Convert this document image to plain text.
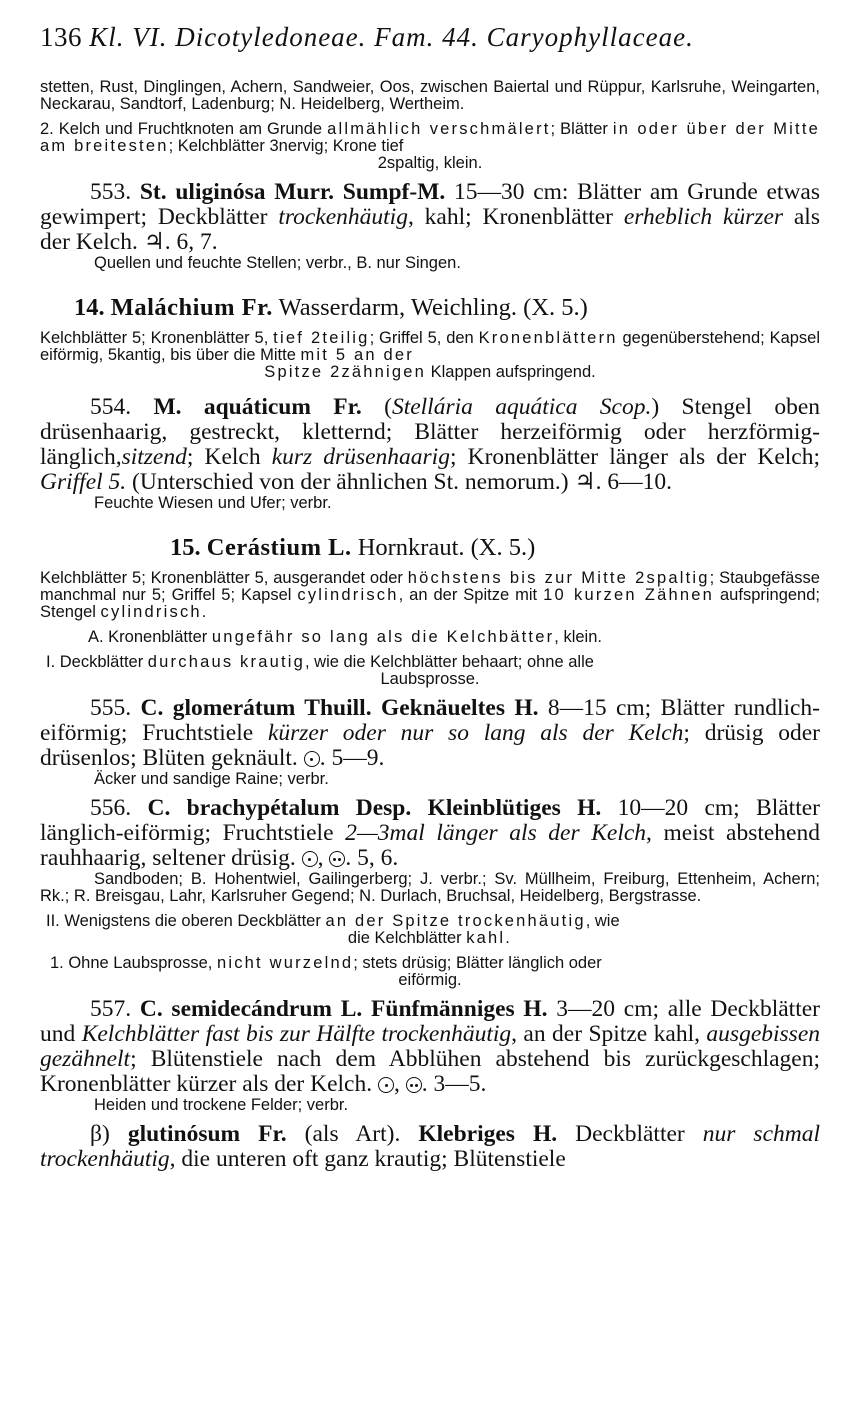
136 Kl. VI. Dicotyledoneae. Fam. 44. Caryophyllaceae.

stetten, Rust, Dinglingen, Achern, Sandweier, Oos, zwischen Baiertal und Rüppur, Karlsruhe, Weingarten, Neckarau, Sandtorf, Ladenburg; N. Heidelberg, Wertheim.

2. Kelch und Fruchtknoten am Grunde allmählich verschmälert; Blätter in oder über der Mitte am breitesten; Kelchblätter 3nervig; Krone tief

2spaltig, klein.

553. St. uliginósa Murr. Sumpf-M. 15—30 cm: Blätter am Grunde etwas gewimpert; Deckblätter trockenhäutig, kahl; Kronenblätter erheblich kürzer als der Kelch. ♃. 6, 7.

Quellen und feuchte Stellen; verbr., B. nur Singen.

14. Maláchium Fr. Wasserdarm, Weichling. (X. 5.)

Kelchblätter 5; Kronenblätter 5, tief 2teilig; Griffel 5, den Kronenblättern gegenüberstehend; Kapsel eiförmig, 5kantig, bis über die Mitte mit 5 an der

Spitze 2zähnigen Klappen aufspringend.

554. M. aquáticum Fr. (Stellária aquática Scop.) Stengel oben drüsenhaarig, gestreckt, kletternd; Blätter herzeiförmig oder herzförmig-länglich,sitzend; Kelch kurz drüsenhaarig; Kronenblätter länger als der Kelch; Griffel 5. (Unterschied von der ähnlichen St. nemorum.) ♃. 6—10.

Feuchte Wiesen und Ufer; verbr.

15. Cerástium L. Hornkraut. (X. 5.)

Kelchblätter 5; Kronenblätter 5, ausgerandet oder höchstens bis zur Mitte 2spaltig; Staubgefässe manchmal nur 5; Griffel 5; Kapsel cylindrisch, an der Spitze mit 10 kurzen Zähnen aufspringend; Stengel cylindrisch.

A. Kronenblätter ungefähr so lang als die Kelchbätter, klein.

I. Deckblätter durchaus krautig, wie die Kelchblätter behaart; ohne alle

Laubsprosse.

555. C. glomerátum Thuill. Geknäueltes H. 8—15 cm; Blätter rundlich-eiförmig; Fruchtstiele kürzer oder nur so lang als der Kelch; drüsig oder drüsenlos; Blüten geknäult. . 5—9.

Äcker und sandige Raine; verbr.

556. C. brachypétalum Desp. Kleinblütiges H. 10—20 cm; Blätter länglich-eiförmig; Fruchtstiele 2—3mal länger als der Kelch, meist abstehend rauhhaarig, seltener drüsig. , . 5, 6.

Sandboden; B. Hohentwiel, Gailingerberg; J. verbr.; Sv. Müllheim, Freiburg, Ettenheim, Achern; Rk.; R. Breisgau, Lahr, Karlsruher Gegend; N. Durlach, Bruchsal, Heidelberg, Bergstrasse.

II. Wenigstens die oberen Deckblätter an der Spitze trockenhäutig, wie

die Kelchblätter kahl.

1. Ohne Laubsprosse, nicht wurzelnd; stets drüsig; Blätter länglich oder

eiförmig.

557. C. semidecándrum L. Fünfmänniges H. 3—20 cm; alle Deckblätter und Kelchblätter fast bis zur Hälfte trockenhäutig, an der Spitze kahl, ausgebissen gezähnelt; Blütenstiele nach dem Abblühen abstehend bis zurückgeschlagen; Kronenblätter kürzer als der Kelch. , . 3—5.

Heiden und trockene Felder; verbr.

β) glutinósum Fr. (als Art). Klebriges H. Deckblätter nur schmal trockenhäutig, die unteren oft ganz krautig; Blütenstiele
